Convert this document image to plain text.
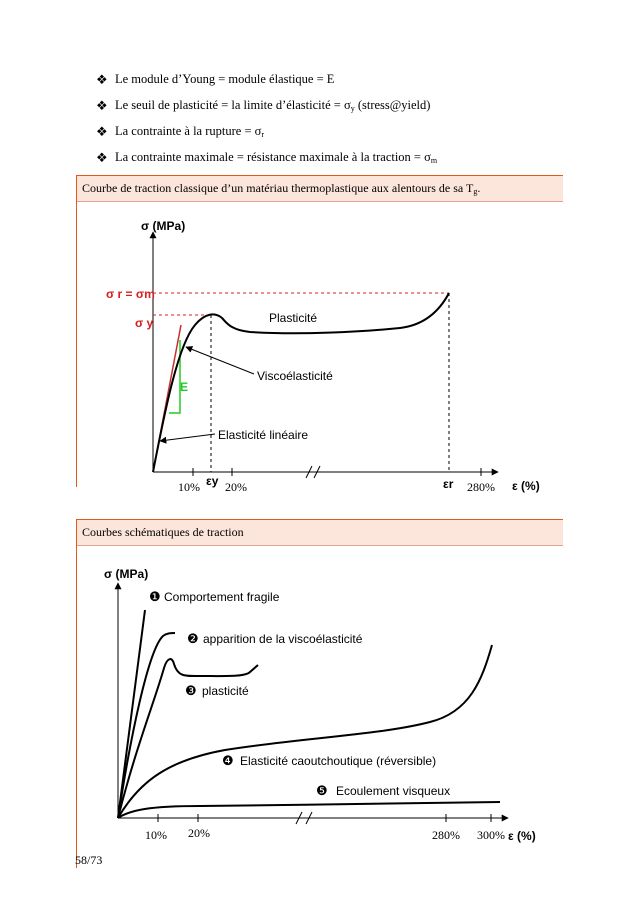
❖ Le module d’Young = module élastique = E
❖ Le seuil de plasticité = la limite d’élasticité = $\sigma_y$ (stress@yield)
❖ La contrainte à la rupture = $\sigma_r$
❖ La contrainte maximale = résistance maximale à la traction = $\sigma_m$
Courbe de traction classique d’un matériau thermoplastique aux alentours de sa $T_g$.
σ (MPa)
ε (%)
10% 20%	280%
σ r = σm
σ y
εy	εr
E
Plasticité
Viscoélasticité
Elasticité linéaire
σ (MPa)
ε (%)
10% 20%	280% 300%
❶ Comportement fragile
❷ apparition de la viscoélasticité
❸ plasticité
❹ Elasticité caoutchoutique (réversible)
❺ Ecoulement visqueux
Courbes schématiques de traction
58/73
